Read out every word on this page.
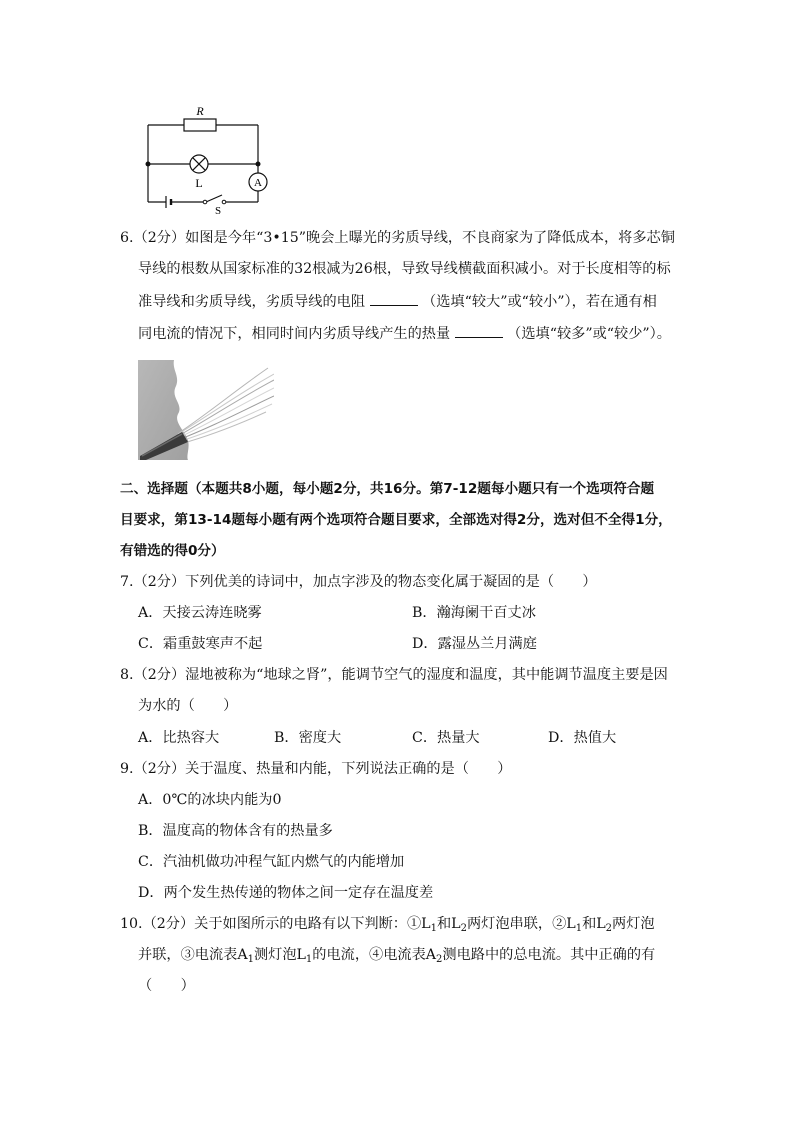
R
L	A
S
6.（2分）如图是今年“3•15”晚会上曝光的劣质导线，不良商家为了降低成本，将多芯铜
导线的根数从国家标准的32根减为26根，导致导线横截面积减小。对于长度相等的标
准导线和劣质导线，劣质导线的电阻	（选填“较大”或“较小”），若在通有相
同电流的情况下，相同时间内劣质导线产生的热量	（选填“较多”或“较少”）。
二、选择题（本题共8小题，每小题2分，共16分。第7-12题每小题只有一个选项符合题
目要求，第13-14题每小题有两个选项符合题目要求，全部选对得2分，选对但不全得1分，
有错选的得0分）
7.（2分）下列优美的诗词中，加点字涉及的物态变化属于凝固的是（　　）
A．天接云涛连晓雾	B．瀚海阑干百丈冰
C．霜重鼓寒声不起	D．露湿丛兰月满庭
8.（2分）湿地被称为“地球之肾”，能调节空气的湿度和温度，其中能调节温度主要是因
为水的（　　）
A．比热容大	B．密度大	C．热量大	D．热值大
9.（2分）关于温度、热量和内能，下列说法正确的是（　　）
A．0℃的冰块内能为0
B．温度高的物体含有的热量多
C．汽油机做功冲程气缸内燃气的内能增加
D．两个发生热传递的物体之间一定存在温度差
10.（2分）关于如图所示的电路有以下判断：$①L_1$和$L_2$两灯泡串联，$②L_1$和$L_2$两灯泡
并联，③电流表$A_1$测灯泡$L_1$的电流，④电流表$A_2$测电路中的总电流。其中正确的有
（　　）
